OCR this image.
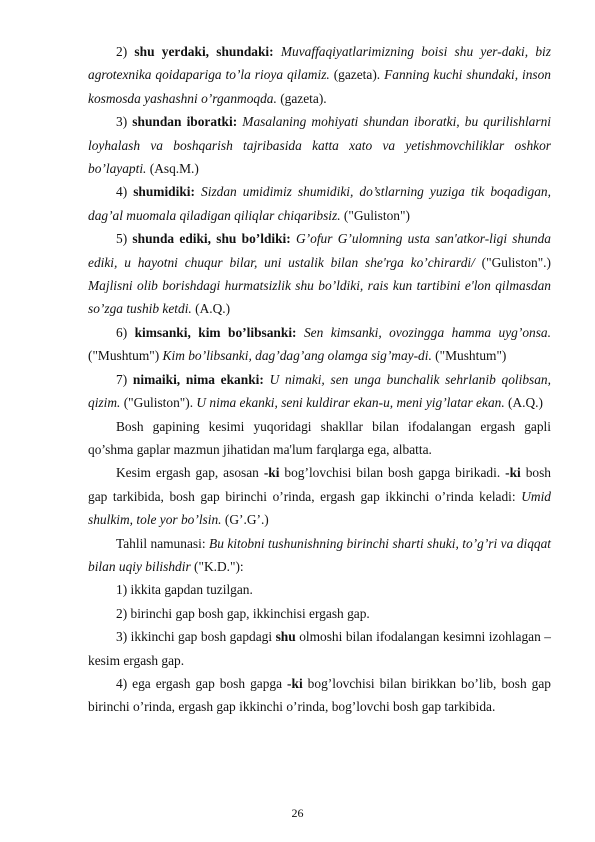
2) shu yerdaki, shundaki: Muvaffaqiyatlarimizning boisi shu yer-daki, biz agrotexnika qoidapariga to’la rioya qilamiz. (gazeta). Fanning kuchi shundaki, inson kosmosda yashashni o’rganmoqda. (gazeta).

3) shundan iboratki: Masalaning mohiyati shundan iboratki, bu qurilishlarni loyhalash va boshqarish tajribasida katta xato va yetishmovchiliklar oshkor bo’layapti. (Asq.M.)

4) shumidiki: Sizdan umidimiz shumidiki, do’stlarning yuziga tik boqadigan, dag’al muomala qiladigan qiliqlar chiqaribsiz. ("Guliston")

5) shunda ediki, shu bo’ldiki: G’ofur G’ulomning usta san'atkor-ligi shunda ediki, u hayotni chuqur bilar, uni ustalik bilan she'rga ko’chirardi/ ("Guliston".) Majlisni olib borishdagi hurmatsizlik shu bo’ldiki, rais kun tartibini e'lon qilmasdan so’zga tushib ketdi. (A.Q.)

6) kimsanki, kim bo’libsanki: Sen kimsanki, ovozingga hamma uyg’onsa. ("Mushtum") Kim bo’libsanki, dag’dag’ang olamga sig’may-di. ("Mushtum")

7) nimaiki, nima ekanki: U nimaki, sen unga bunchalik sehrlanib qolibsan, qizim. ("Guliston"). U nima ekanki, seni kuldirar ekan-u, meni yig’latar ekan. (A.Q.)

Bosh gapining kesimi yuqoridagi shakllar bilan ifodalangan ergash gapli qo’shma gaplar mazmun jihatidan ma'lum farqlarga ega, albatta.

Kesim ergash gap, asosan -ki bog’lovchisi bilan bosh gapga birikadi. -ki bosh gap tarkibida, bosh gap birinchi o’rinda, ergash gap ikkinchi o’rinda keladi: Umid shulkim, tole yor bo’lsin. (G’.G’.)

Tahlil namunasi: Bu kitobni tushunishning birinchi sharti shuki, to’g’ri va diqqat bilan uqiy bilishdir ("K.D."):

1) ikkita gapdan tuzilgan.

2) birinchi gap bosh gap, ikkinchisi ergash gap.

3) ikkinchi gap bosh gapdagi shu olmoshi bilan ifodalangan kesimni izohlagan – kesim ergash gap.

4) ega ergash gap bosh gapga -ki bog’lovchisi bilan birikkan bo’lib, bosh gap birinchi o’rinda, ergash gap ikkinchi o’rinda, bog’lovchi bosh gap tarkibida.

26
